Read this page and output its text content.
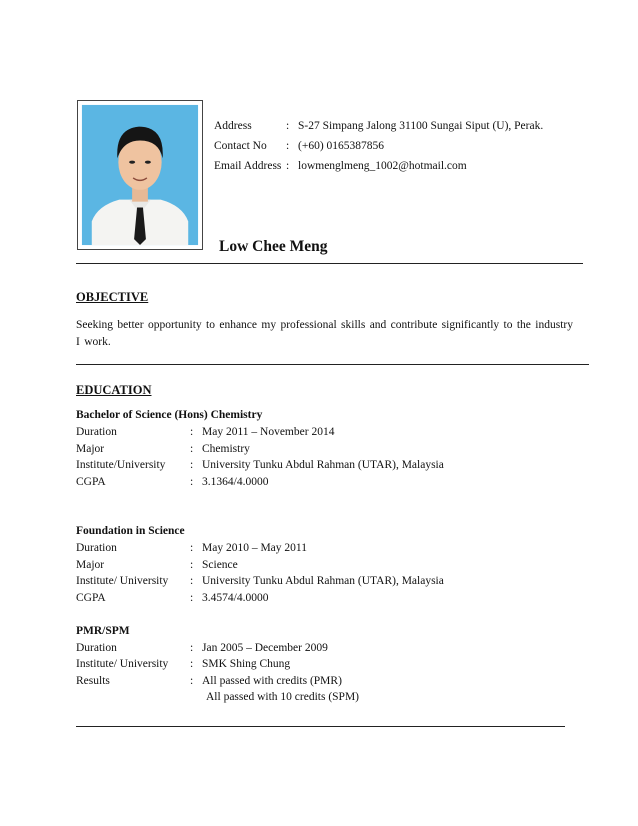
Address	: S-27 Simpang Jalong 31100 Sungai Siput (U), Perak.
Contact No : (+60) 0165387856
Email Address : lowmenglmeng_1002@hotmail.com
Low Chee Meng
OBJECTIVE
Seeking better opportunity to enhance my professional skills and contribute significantly to the industry I work.
EDUCATION
Bachelor of Science (Hons) Chemistry
Duration	: May 2011 – November 2014
Major	: Chemistry
Institute/University : University Tunku Abdul Rahman (UTAR), Malaysia
CGPA	: 3.1364/4.0000
Foundation in Science
Duration	: May 2010 – May 2011
Major	: Science
Institute/ University : University Tunku Abdul Rahman (UTAR), Malaysia
CGPA	: 3.4574/4.0000
PMR/SPM
Duration	: Jan 2005 – December 2009
Institute/ University : SMK Shing Chung
Results	: All passed with credits (PMR)
All passed with 10 credits (SPM)
